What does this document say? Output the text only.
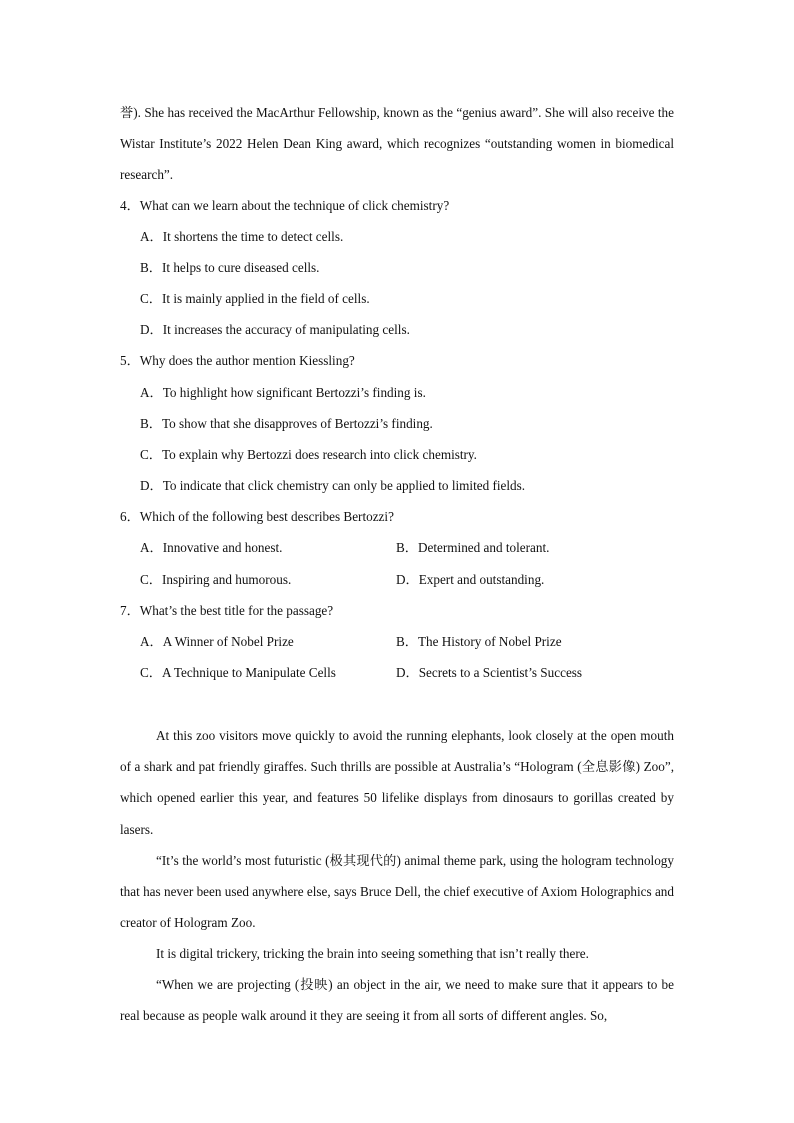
誉). She has received the MacArthur Fellowship, known as the “genius award”. She will also receive the Wistar Institute’s 2022 Helen Dean King award, which recognizes “outstanding women in biomedical research”.
4．What can we learn about the technique of click chemistry?
A．It shortens the time to detect cells.
B．It helps to cure diseased cells.
C．It is mainly applied in the field of cells.
D．It increases the accuracy of manipulating cells.
5．Why does the author mention Kiessling?
A．To highlight how significant Bertozzi’s finding is.
B．To show that she disapproves of Bertozzi’s finding.
C．To explain why Bertozzi does research into click chemistry.
D．To indicate that click chemistry can only be applied to limited fields.
6．Which of the following best describes Bertozzi?
A．Innovative and honest.	B．Determined and tolerant.
C．Inspiring and humorous.	D．Expert and outstanding.
7．What’s the best title for the passage?
A．A Winner of Nobel Prize	B．The History of Nobel Prize
C．A Technique to Manipulate Cells	D．Secrets to a Scientist’s Success
At this zoo visitors move quickly to avoid the running elephants, look closely at the open mouth of a shark and pat friendly giraffes. Such thrills are possible at Australia’s “Hologram (全息影像) Zoo”, which opened earlier this year, and features 50 lifelike displays from dinosaurs to gorillas created by lasers.
“It’s the world’s most futuristic (极其现代的) animal theme park, using the hologram technology that has never been used anywhere else, says Bruce Dell, the chief executive of Axiom Holographics and creator of Hologram Zoo.
It is digital trickery, tricking the brain into seeing something that isn’t really there.
“When we are projecting (投映) an object in the air, we need to make sure that it appears to be real because as people walk around it they are seeing it from all sorts of different angles. So,
